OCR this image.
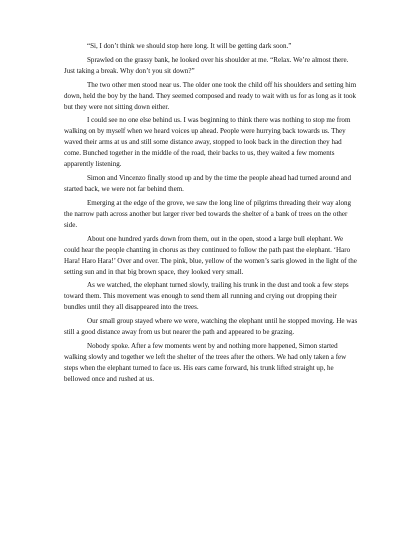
“Si, I don’t think we should stop here long. It will be getting dark soon.”

Sprawled on the grassy bank, he looked over his shoulder at me. “Relax. We’re almost there. Just taking a break. Why don’t you sit down?”

The two other men stood near us. The older one took the child off his shoulders and setting him down, held the boy by the hand. They seemed composed and ready to wait with us for as long as it took but they were not sitting down either.

I could see no one else behind us. I was beginning to think there was nothing to stop me from walking on by myself when we heard voices up ahead. People were hurrying back towards us. They waved their arms at us and still some distance away, stopped to look back in the direction they had come. Bunched together in the middle of the road, their backs to us, they waited a few moments apparently listening.

Simon and Vincenzo finally stood up and by the time the people ahead had turned around and started back, we were not far behind them.

Emerging at the edge of the grove, we saw the long line of pilgrims threading their way along the narrow path across another but larger river bed towards the shelter of a bank of trees on the other side.

About one hundred yards down from them, out in the open, stood a large bull elephant. We could hear the people chanting in chorus as they continued to follow the path past the elephant. ‘Haro Hara! Haro Hara!’ Over and over. The pink, blue, yellow of the women’s saris glowed in the light of the setting sun and in that big brown space, they looked very small.

As we watched, the elephant turned slowly, trailing his trunk in the dust and took a few steps toward them. This movement was enough to send them all running and crying out dropping their bundles until they all disappeared into the trees.

Our small group stayed where we were, watching the elephant until he stopped moving. He was still a good distance away from us but nearer the path and appeared to be grazing.

Nobody spoke. After a few moments went by and nothing more happened, Simon started walking slowly and together we left the shelter of the trees after the others. We had only taken a few steps when the elephant turned to face us. His ears came forward, his trunk lifted straight up, he bellowed once and rushed at us.
